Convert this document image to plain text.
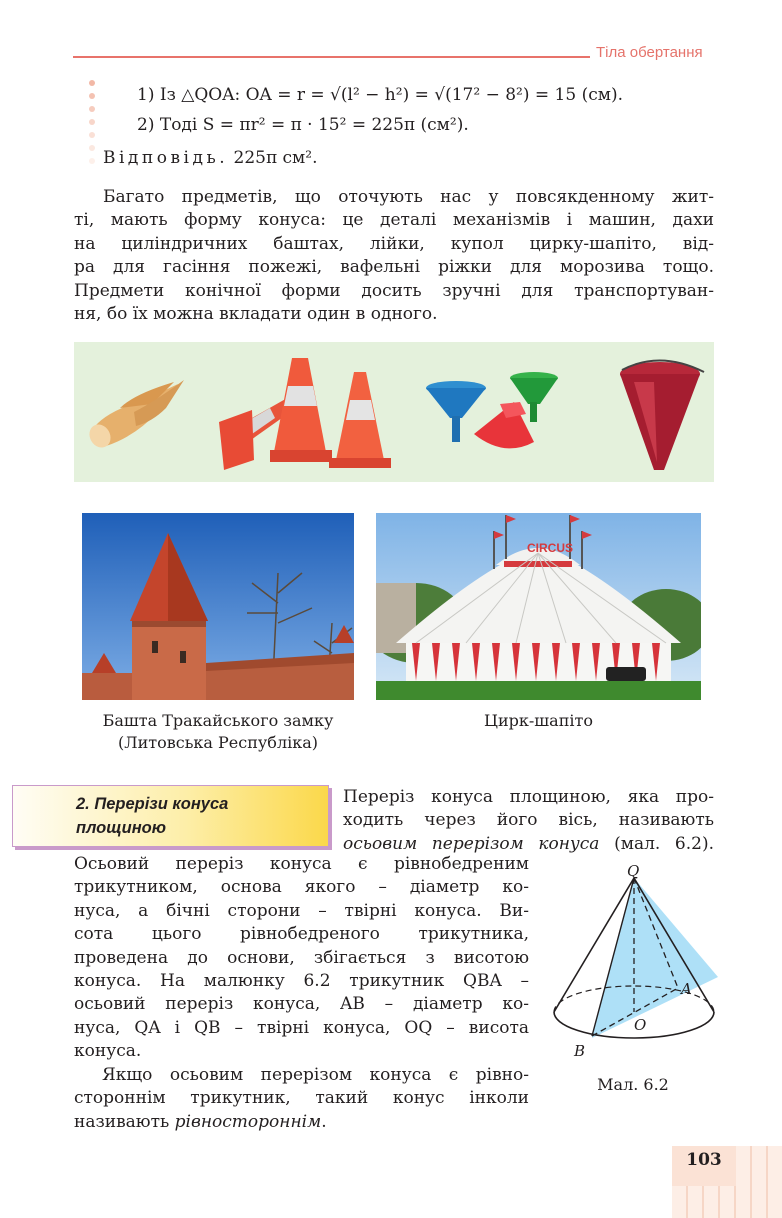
Тіла обертання
1) Із △QOA: OA = r = √(l² − h²) = √(17² − 8²) = 15 (см).
2) Тоді S = πr² = π · 15² = 225π (см²).
Відповідь. 225π см².
Багато предметів, що оточують нас у повсякденному жит-
ті, мають форму конуса: це деталі механізмів і машин, дахи
на циліндричних баштах, лійки, купол цирку-шапіто, від-
ра для гасіння пожежі, вафельні ріжки для морозива тощо.
Предмети конічної форми досить зручні для транспортуван-
ня, бо їх можна вкладати один в одного.
Башта Тракайського замку
(Литовська Республіка)
CIRCUS
Цирк-шапіто
2. Перерізи конуса
площиною
Переріз конуса площиною, яка про-
ходить через його вісь, називають
осьовим перерізом конуса (мал. 6.2).
Осьовий переріз конуса є рівнобедреним
трикутником, основа якого – діаметр ко-
нуса, а бічні сторони – твірні конуса. Ви-
сота цього рівнобедреного трикутника,
проведена до основи, збігається з висотою
конуса. На малюнку 6.2 трикутник QBA –
осьовий переріз конуса, AB – діаметр ко-
нуса, QA і QB – твірні конуса, OQ – висота
конуса.
Якщо осьовим перерізом конуса є рівно-
стороннім трикутник, такий конус інколи
називають рівностороннім.
Q
A
O
B
Мал. 6.2
103
